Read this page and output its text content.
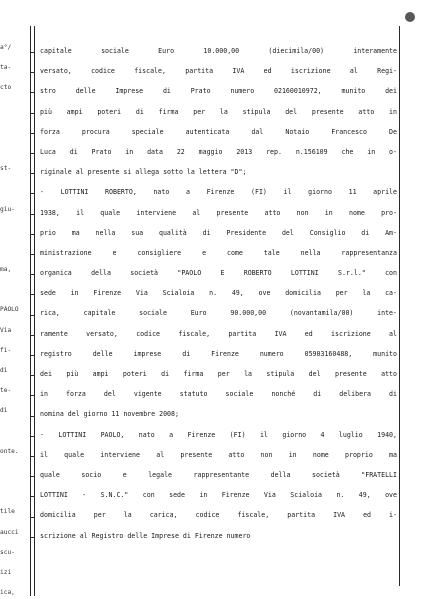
a°/
ta-
cto
st-
giu-
ma,
PAOLO
Via
fi-
di
te-
di
onte.
tile
aucci
scu-
izi
ica,
capitale sociale Euro 10.000,00 (diecimila/00) interamente
versato, codice fiscale, partita IVA ed iscrizione al Regi-
stro delle Imprese di Prato numero 02160010972, munito dei
più ampi poteri di firma per la stipula del presente atto in
forza procura speciale autenticata dal Notaio Francesco De
Luca di Prato in data 22 maggio 2013 rep. n.156109 che in o-
riginale al presente si allega sotto la lettera "D";
- LOTTINI ROBERTO, nato a Firenze (FI) il giorno 11 aprile
1938, il quale interviene al presente atto non in nome pro-
prio ma nella sua qualità di Presidente del Consiglio di Am-
ministrazione e consigliere e come tale nella rappresentanza
organica della società "PAOLO E ROBERTO LOTTINI S.r.l." con
sede in Firenze Via Scialoia n. 49, ove domicilia per la ca-
rica, capitale sociale Euro 90.000,00 (novantamila/00) inte-
ramente versato, codice fiscale, partita IVA ed iscrizione al
registro delle imprese di Firenze numero 05903160488, munito
dei più ampi poteri di firma per la stipula del presente atto
in forza del vigente statuto sociale nonché di delibera di
nomina del giorno 11 novembre 2008;
- LOTTINI PAOLO, nato a Firenze (FI) il giorno 4 luglio 1940,
il quale interviene al presente atto non in nome proprio ma
quale socio e legale rappresentante della società "FRATELLI
LOTTINI - S.N.C." con sede in Firenze Via Scialoia n. 49, ove
domicilia per la carica, codice fiscale, partita IVA ed i-
scrizione al Registro delle Imprese di Firenze numero
